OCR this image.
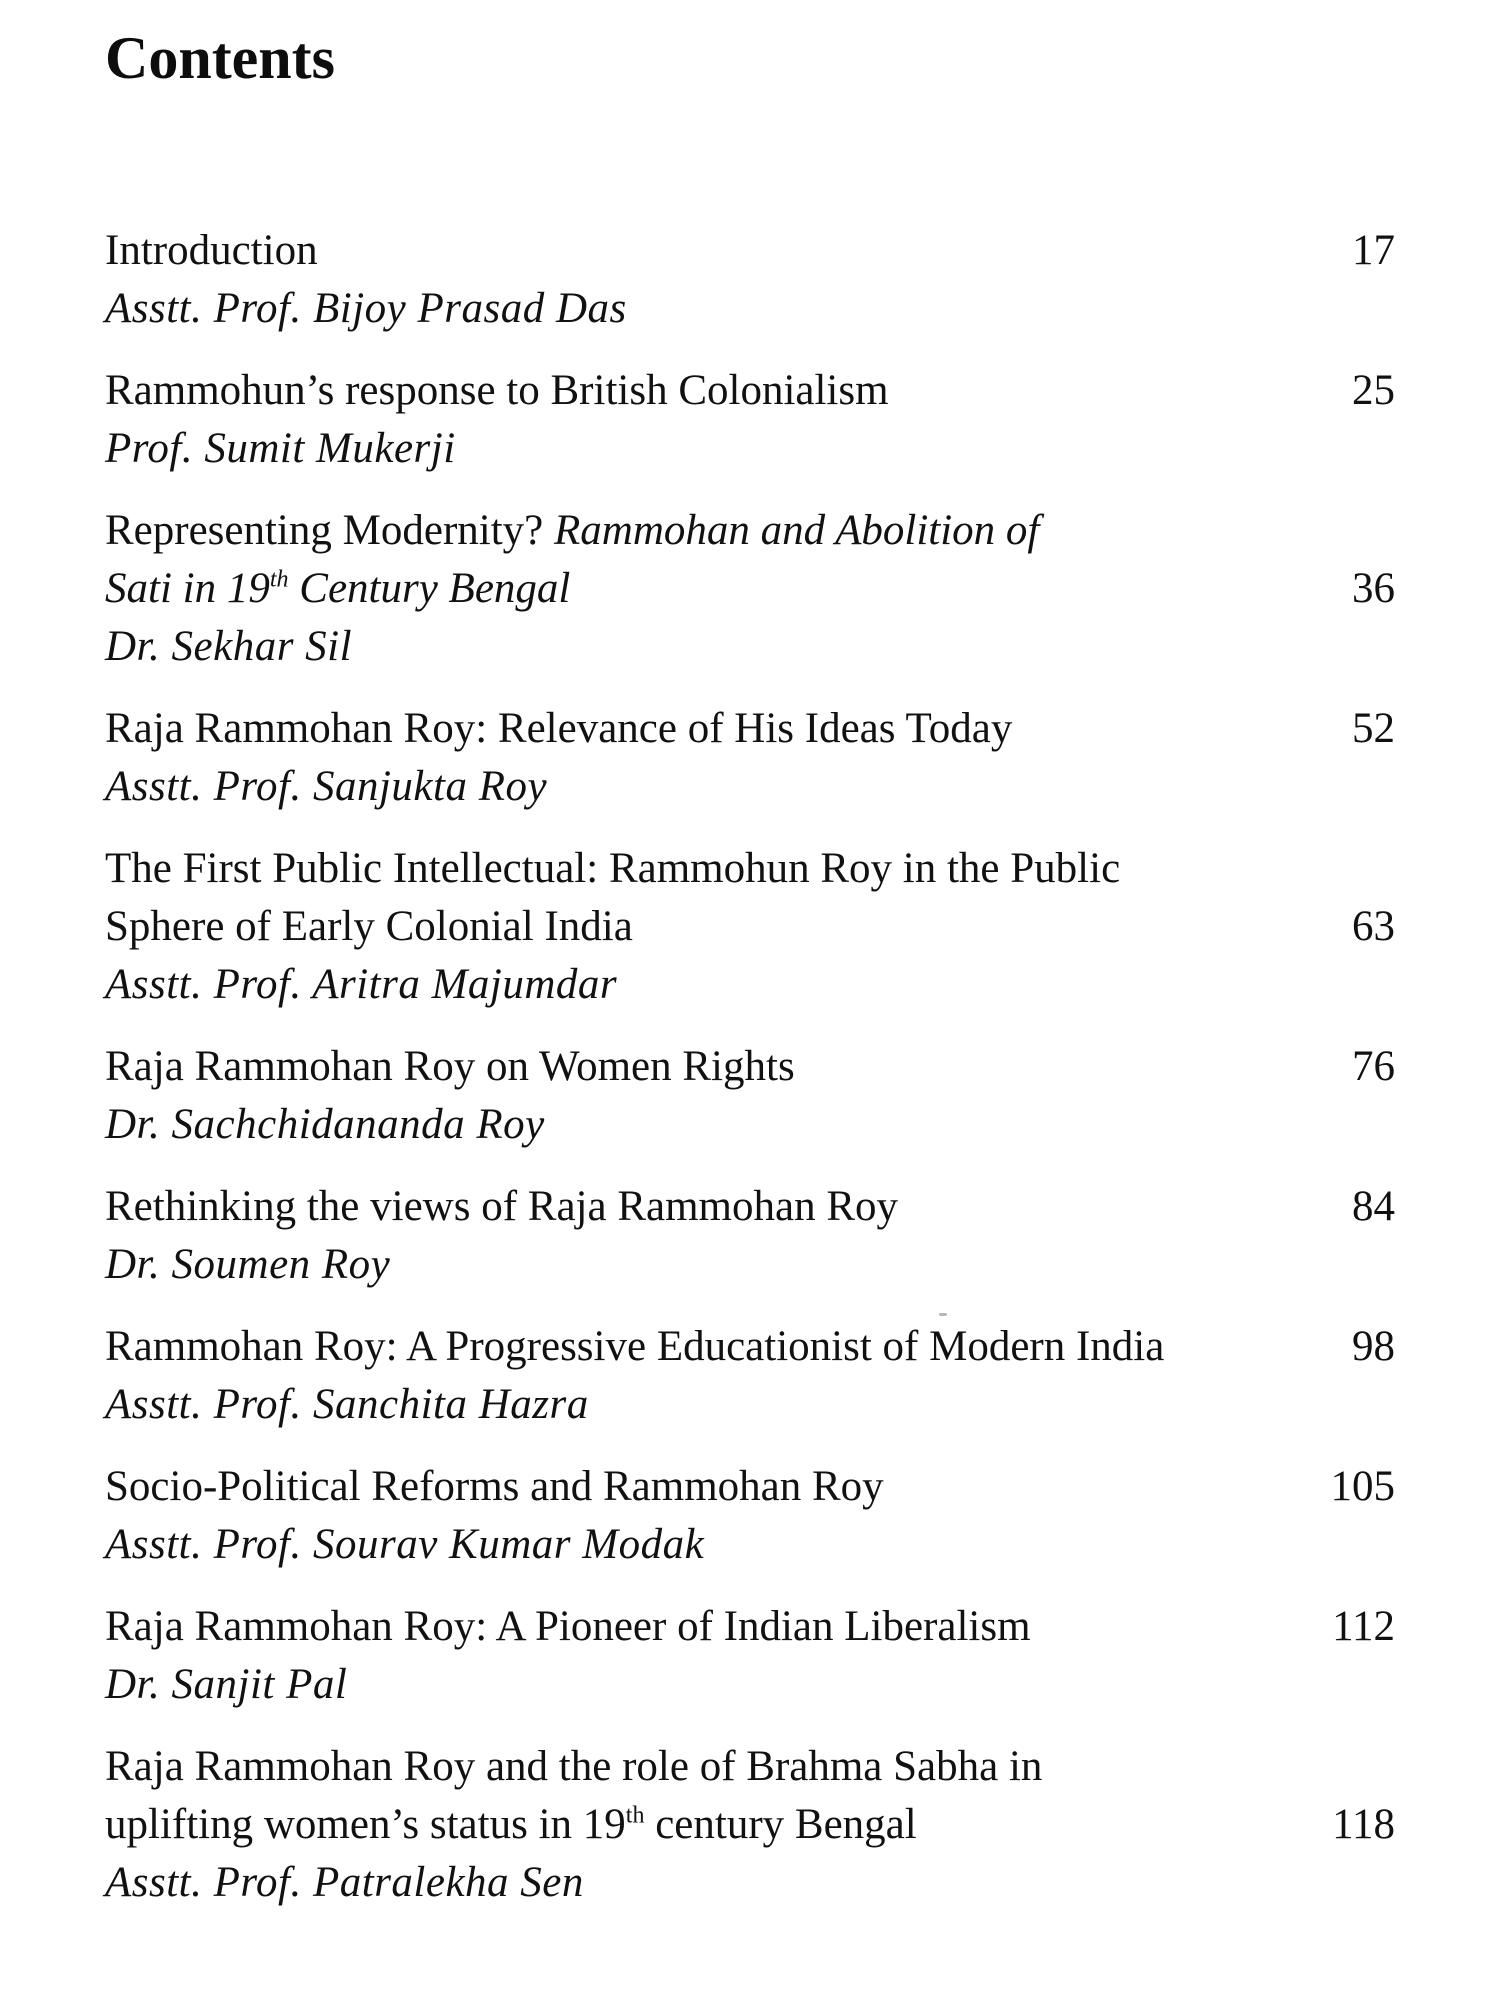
Contents
Introduction	17
Asstt. Prof. Bijoy Prasad Das
Rammohun’s response to British Colonialism	25
Prof. Sumit Mukerji
Representing Modernity? Rammohan and Abolition of
Sati in 19th Century Bengal	36
Dr. Sekhar Sil
Raja Rammohan Roy: Relevance of His Ideas Today	52
Asstt. Prof. Sanjukta Roy
The First Public Intellectual: Rammohun Roy in the Public
Sphere of Early Colonial India	63
Asstt. Prof. Aritra Majumdar
Raja Rammohan Roy on Women Rights	76
Dr. Sachchidananda Roy
Rethinking the views of Raja Rammohan Roy	84
Dr. Soumen Roy
Rammohan Roy: A Progressive Educationist of Modern India	98
Asstt. Prof. Sanchita Hazra
Socio-Political Reforms and Rammohan Roy	105
Asstt. Prof. Sourav Kumar Modak
Raja Rammohan Roy: A Pioneer of Indian Liberalism	112
Dr. Sanjit Pal
Raja Rammohan Roy and the role of Brahma Sabha in
uplifting women’s status in 19th century Bengal	118
Asstt. Prof. Patralekha Sen
